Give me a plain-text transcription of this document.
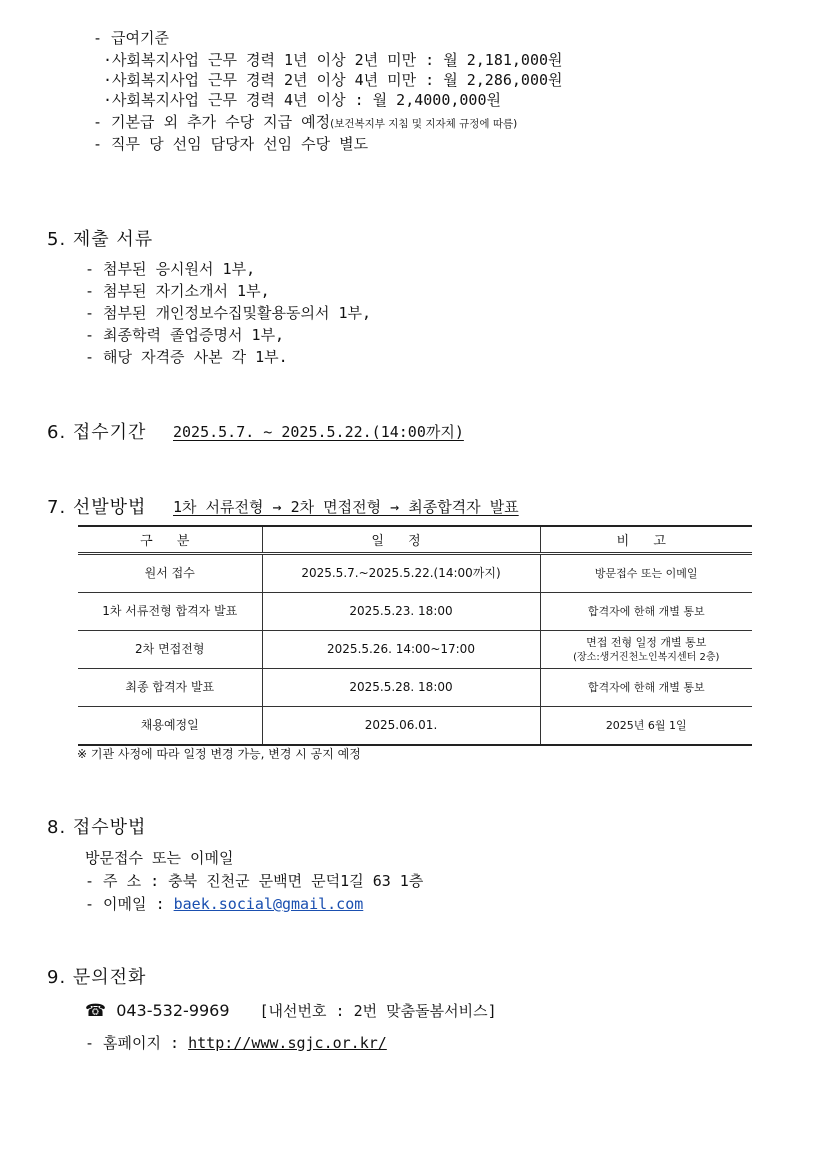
- 급여기준
·사회복지사업 근무 경력 1년 이상 2년 미만 : 월 2,181,000원
·사회복지사업 근무 경력 2년 이상 4년 미만 : 월 2,286,000원
·사회복지사업 근무 경력 4년 이상 : 월 2,4000,000원
- 기본급 외 추가 수당 지급 예정(보건복지부 지침 및 지자체 규정에 따름)
- 직무 당 선임 담당자 선임 수당 별도
5. 제출 서류
- 첨부된 응시원서 1부,
- 첨부된 자기소개서 1부,
- 첨부된 개인정보수집및활용동의서 1부,
- 최종학력 졸업증명서 1부,
- 해당 자격증 사본 각 1부.
6. 접수기간 2025.5.7. ~ 2025.5.22.(14:00까지)
7. 선발방법 1차 서류전형 → 2차 면접전형 → 최종합격자 발표
구 분	일 정	비 고
원서 접수	2025.5.7.~2025.5.22.(14:00까지)	방문접수 또는 이메일
1차 서류전형 합격자 발표	2025.5.23. 18:00	합격자에 한해 개별 통보
2차 면접전형	2025.5.26. 14:00~17:00	면접 전형 일정 개별 통보
(장소:생거진천노인복지센터 2층)

최종 합격자 발표	2025.5.28. 18:00	합격자에 한해 개별 통보
채용예정일	2025.06.01.	2025년 6월 1일
※ 기관 사정에 따라 일정 변경 가능, 변경 시 공지 예정
8. 접수방법
방문접수 또는 이메일
- 주 소 : 충북 진천군 문백면 문덕1길 63 1층
- 이메일 : baek.social@gmail.com
9. 문의전화
☎ 043-532-9969 [내선번호 : 2번 맞춤돌봄서비스]
- 홈페이지 : http://www.sgjc.or.kr/
